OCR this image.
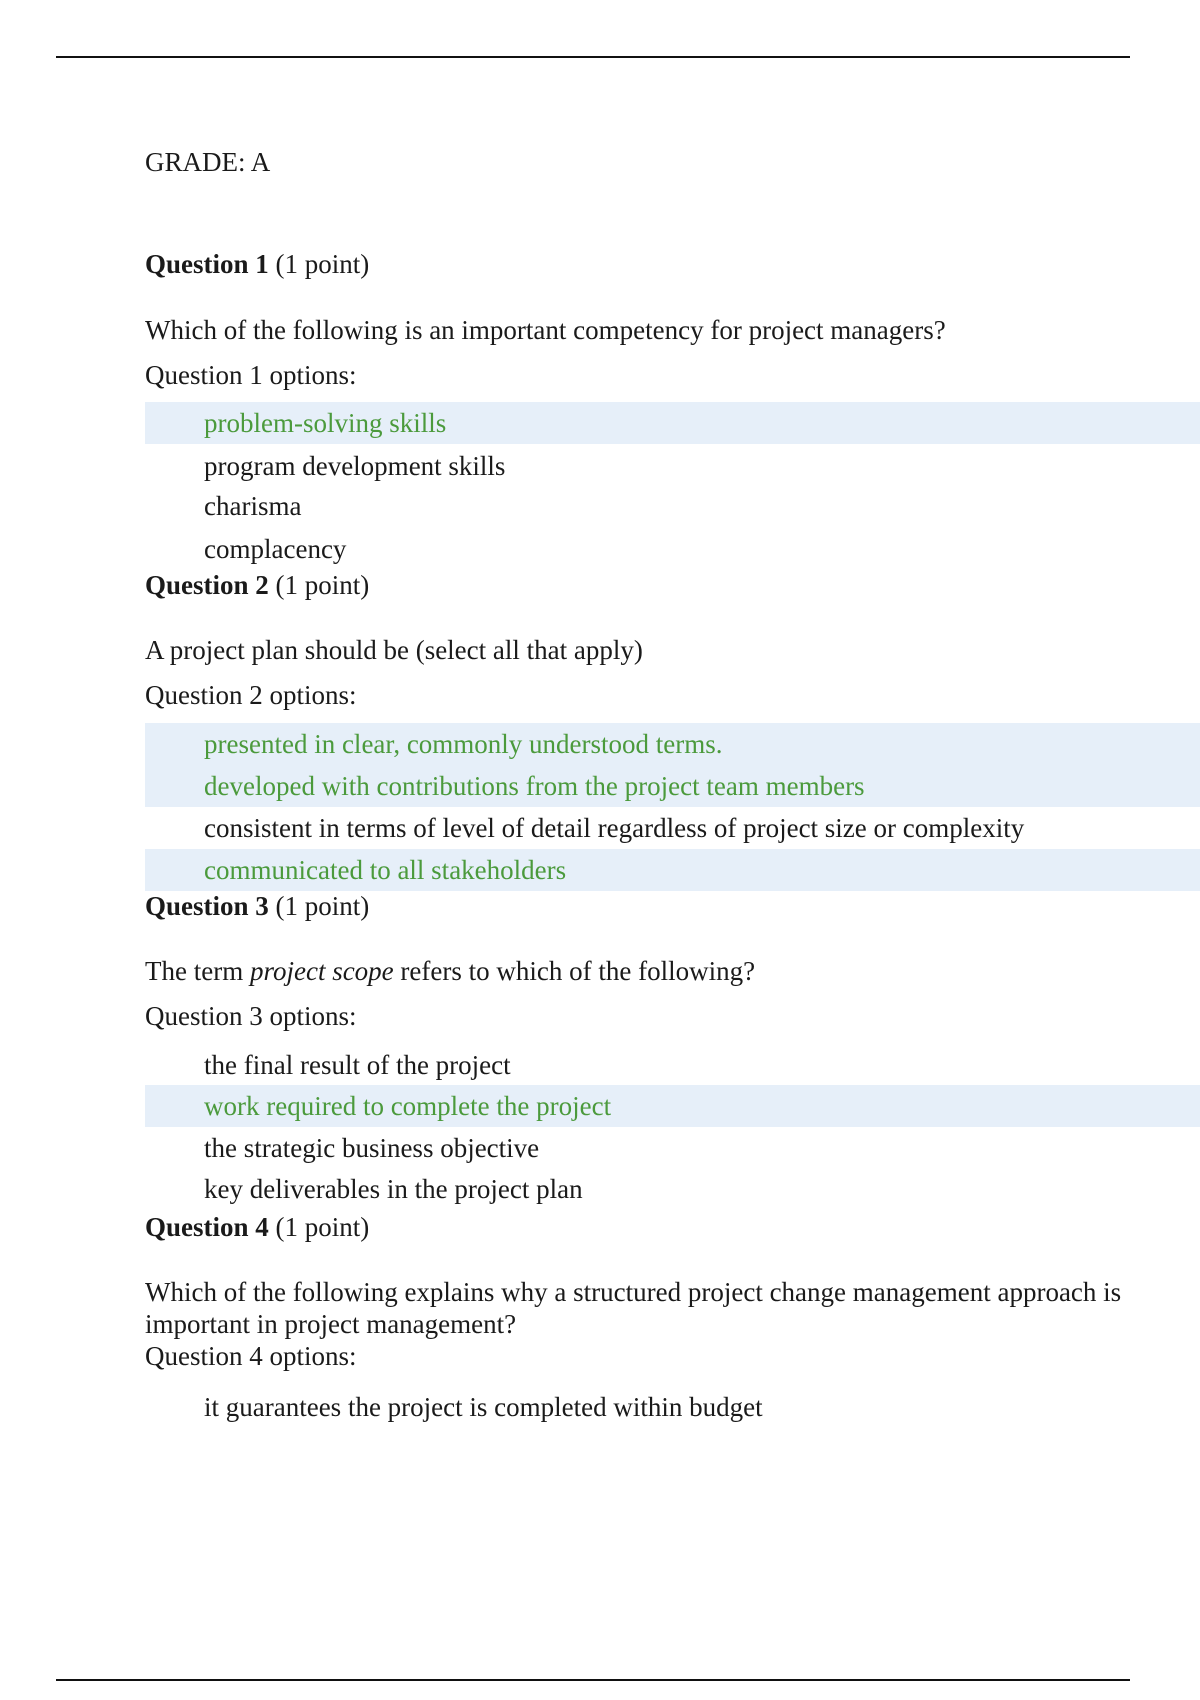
GRADE: A
Question 1 (1 point)
Which of the following is an important competency for project managers?
Question 1 options:
problem-solving skills
program development skills
charisma
complacency
Question 2 (1 point)
A project plan should be (select all that apply)
Question 2 options:
presented in clear, commonly understood terms.
developed with contributions from the project team members
consistent in terms of level of detail regardless of project size or complexity
communicated to all stakeholders
Question 3 (1 point)
The term project scope refers to which of the following?
Question 3 options:
the final result of the project
work required to complete the project
the strategic business objective
key deliverables in the project plan
Question 4 (1 point)
Which of the following explains why a structured project change management approach is important in project management?
Question 4 options:
it guarantees the project is completed within budget
